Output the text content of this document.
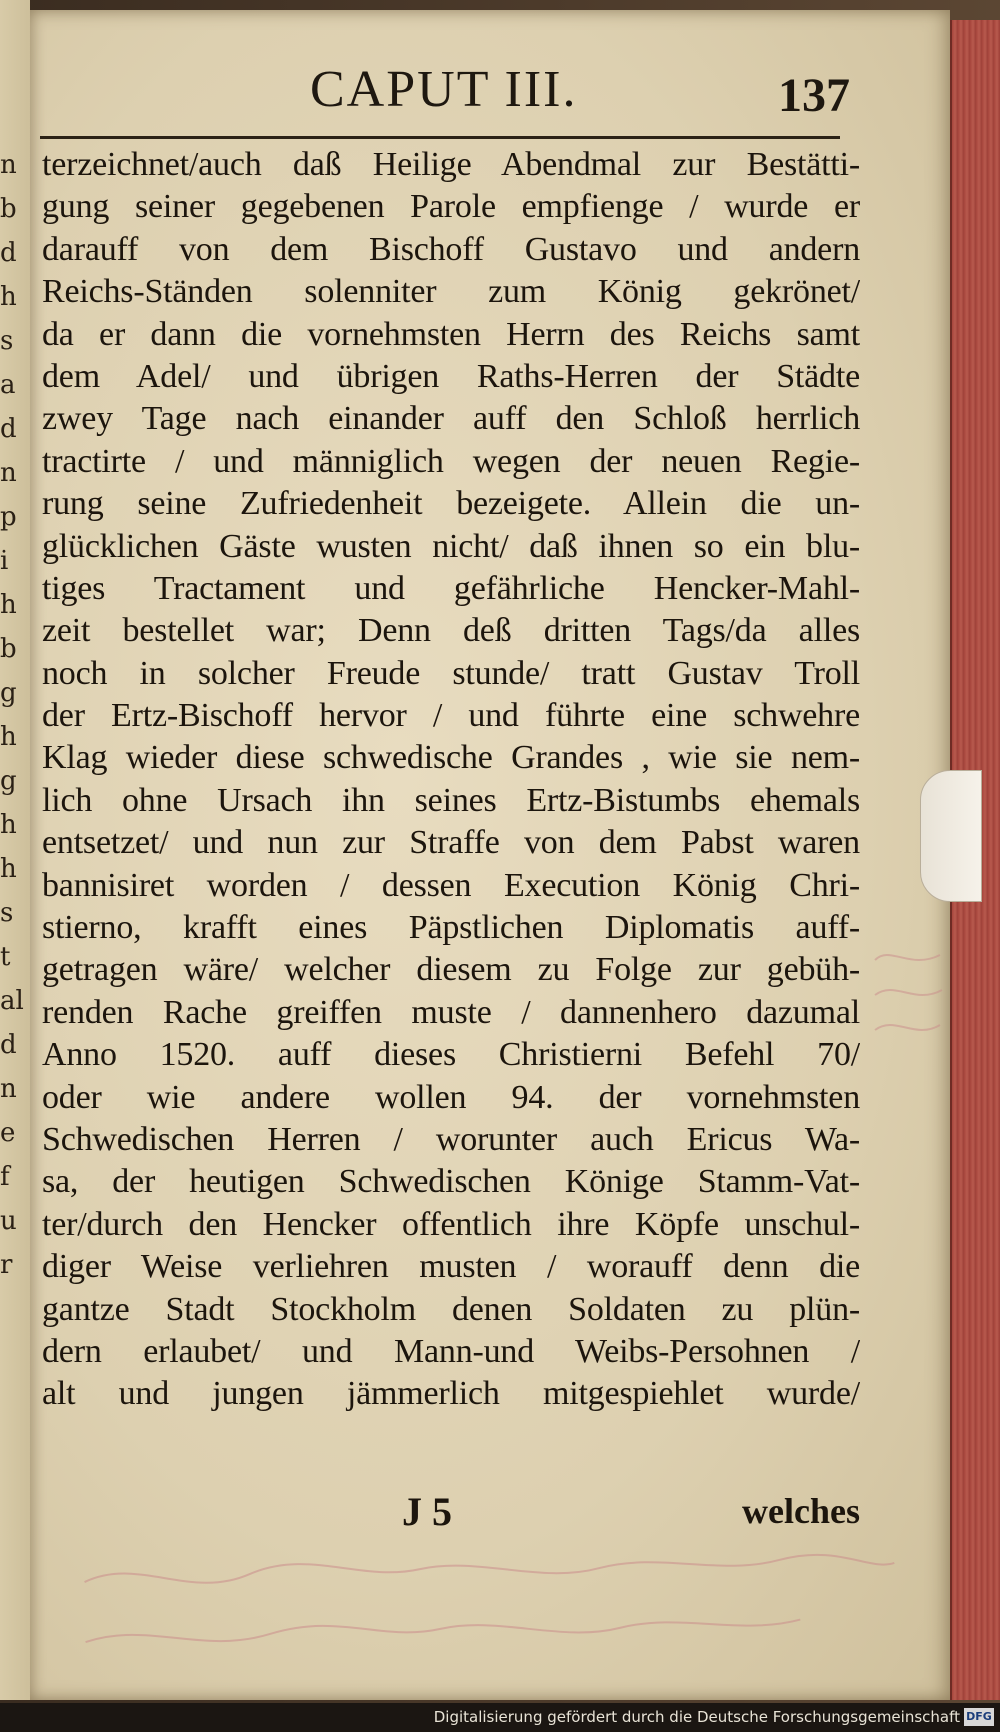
n
b
d
h
s
a
d
n
p
i
h
b
g
h
g
h
h
s
t
al
d
n
e
f
u
r
CAPUT III.	137
terzeichnet/auch daß Heilige Abendmal zur Bestätti-
gung seiner gegebenen Parole empfienge / wurde er
darauff von dem Bischoff Gustavo und andern
Reichs-Ständen solenniter zum König gekrönet/
da er dann die vornehmsten Herrn des Reichs samt
dem Adel/ und übrigen Raths-Herren der Städte
zwey Tage nach einander auff den Schloß herrlich
tractirte / und männiglich wegen der neuen Regie-
rung seine Zufriedenheit bezeigete. Allein die un-
glücklichen Gäste wusten nicht/ daß ihnen so ein blu-
tiges Tractament und gefährliche Hencker-Mahl-
zeit bestellet war; Denn deß dritten Tags/da alles
noch in solcher Freude stunde/ tratt Gustav Troll
der Ertz-Bischoff hervor / und führte eine schwehre
Klag wieder diese schwedische Grandes , wie sie nem-
lich ohne Ursach ihn seines Ertz-Bistumbs ehemals
entsetzet/ und nun zur Straffe von dem Pabst waren
bannisiret worden / dessen Execution König Chri-
stierno, krafft eines Päpstlichen Diplomatis auff-
getragen wäre/ welcher diesem zu Folge zur gebüh-
renden Rache greiffen muste / dannenhero dazumal
Anno 1520. auff dieses Christierni Befehl 70/
oder wie andere wollen 94. der vornehmsten
Schwedischen Herren / worunter auch Ericus Wa-
sa, der heutigen Schwedischen Könige Stamm-Vat-
ter/durch den Hencker offentlich ihre Köpfe unschul-
diger Weise verliehren musten / worauff denn die
gantze Stadt Stockholm denen Soldaten zu plün-
dern erlaubet/ und Mann-und Weibs-Persohnen /
alt und jungen jämmerlich mitgespiehlet wurde/
J 5	welches
Digitalisierung gefördert durch die Deutsche Forschungsgemeinschaft DFG
